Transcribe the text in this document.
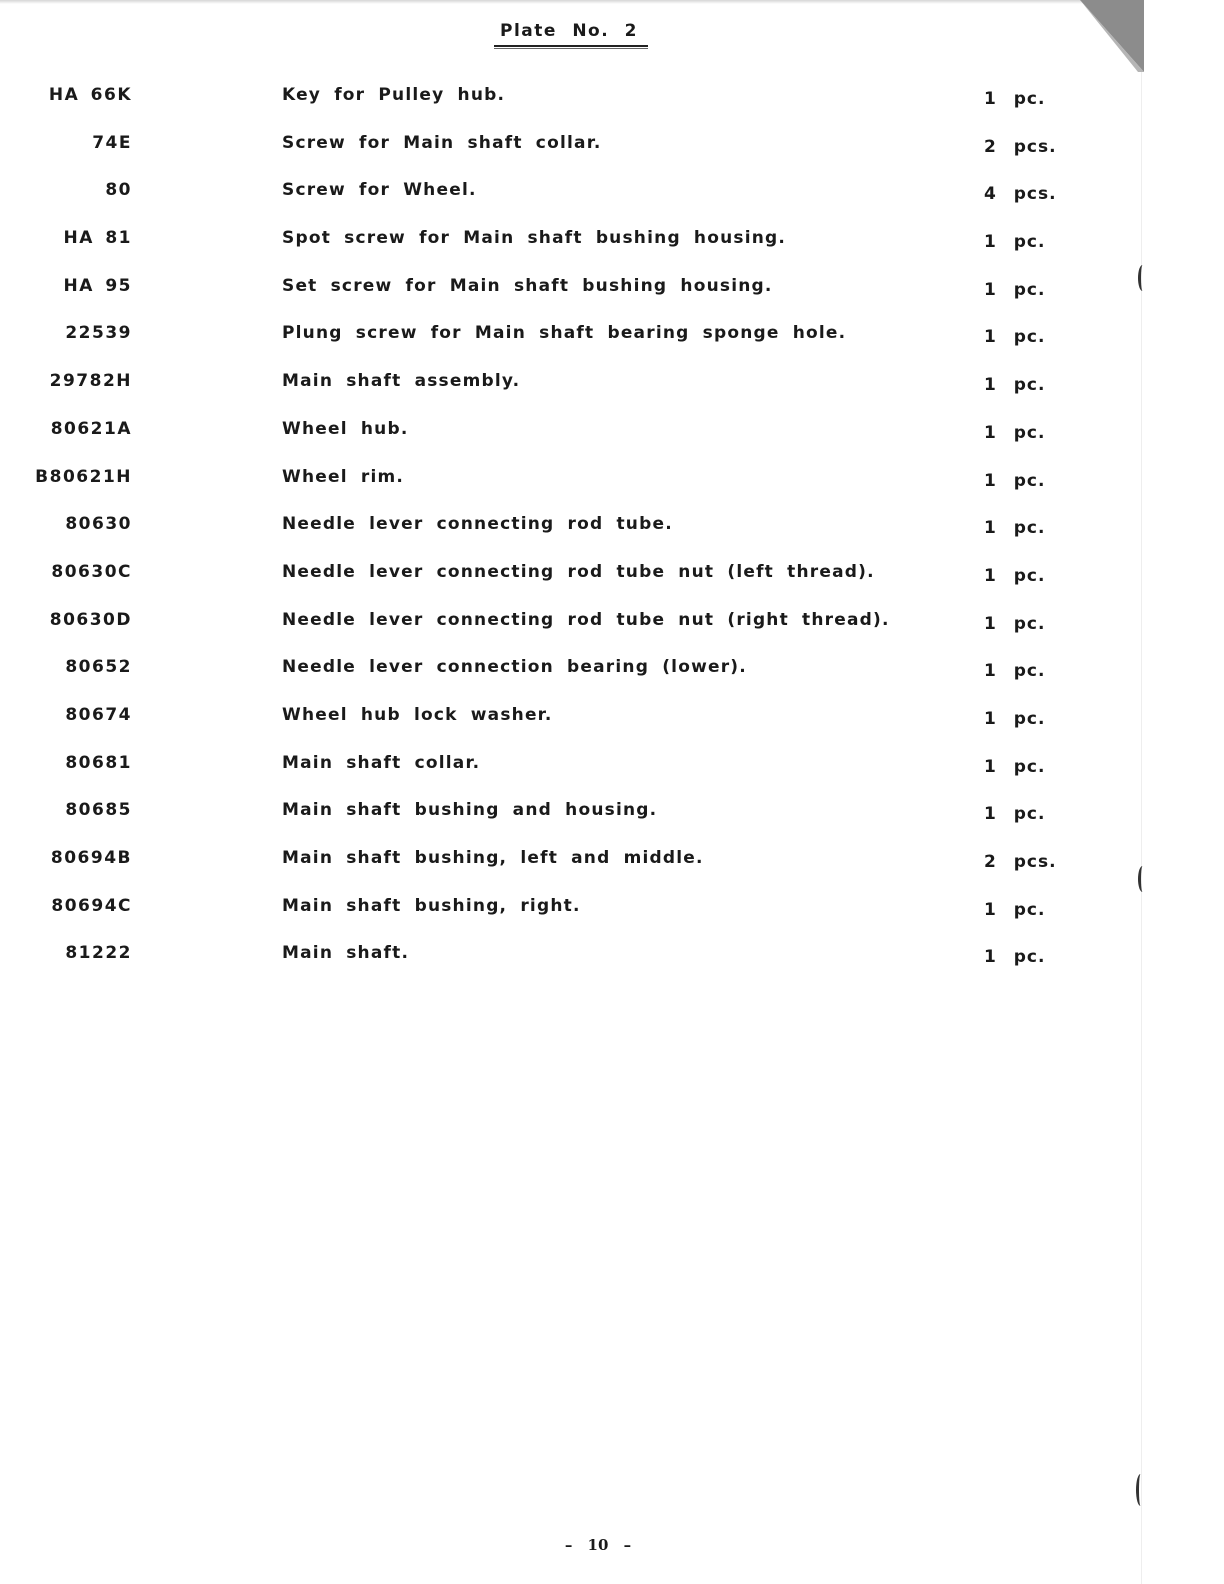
Plate No. 2
HA 66K	Key for Pulley hub.	1 pc.
74E	Screw for Main shaft collar.	2 pcs.
80	Screw for Wheel.	4 pcs.
HA 81	Spot screw for Main shaft bushing housing.	1 pc.
HA 95	Set screw for Main shaft bushing housing.	1 pc.
22539	Plung screw for Main shaft bearing sponge hole.	1 pc.
29782H	Main shaft assembly.	1 pc.
80621A	Wheel hub.	1 pc.
B80621H	Wheel rim.	1 pc.
80630	Needle lever connecting rod tube.	1 pc.
80630C	Needle lever connecting rod tube nut (left thread).	1 pc.
80630D	Needle lever connecting rod tube nut (right thread).	1 pc.
80652	Needle lever connection bearing (lower).	1 pc.
80674	Wheel hub lock washer.	1 pc.
80681	Main shaft collar.	1 pc.
80685	Main shaft bushing and housing.	1 pc.
80694B	Main shaft bushing, left and middle.	2 pcs.
80694C	Main shaft bushing, right.	1 pc.
81222	Main shaft.	1 pc.
– 10 –
